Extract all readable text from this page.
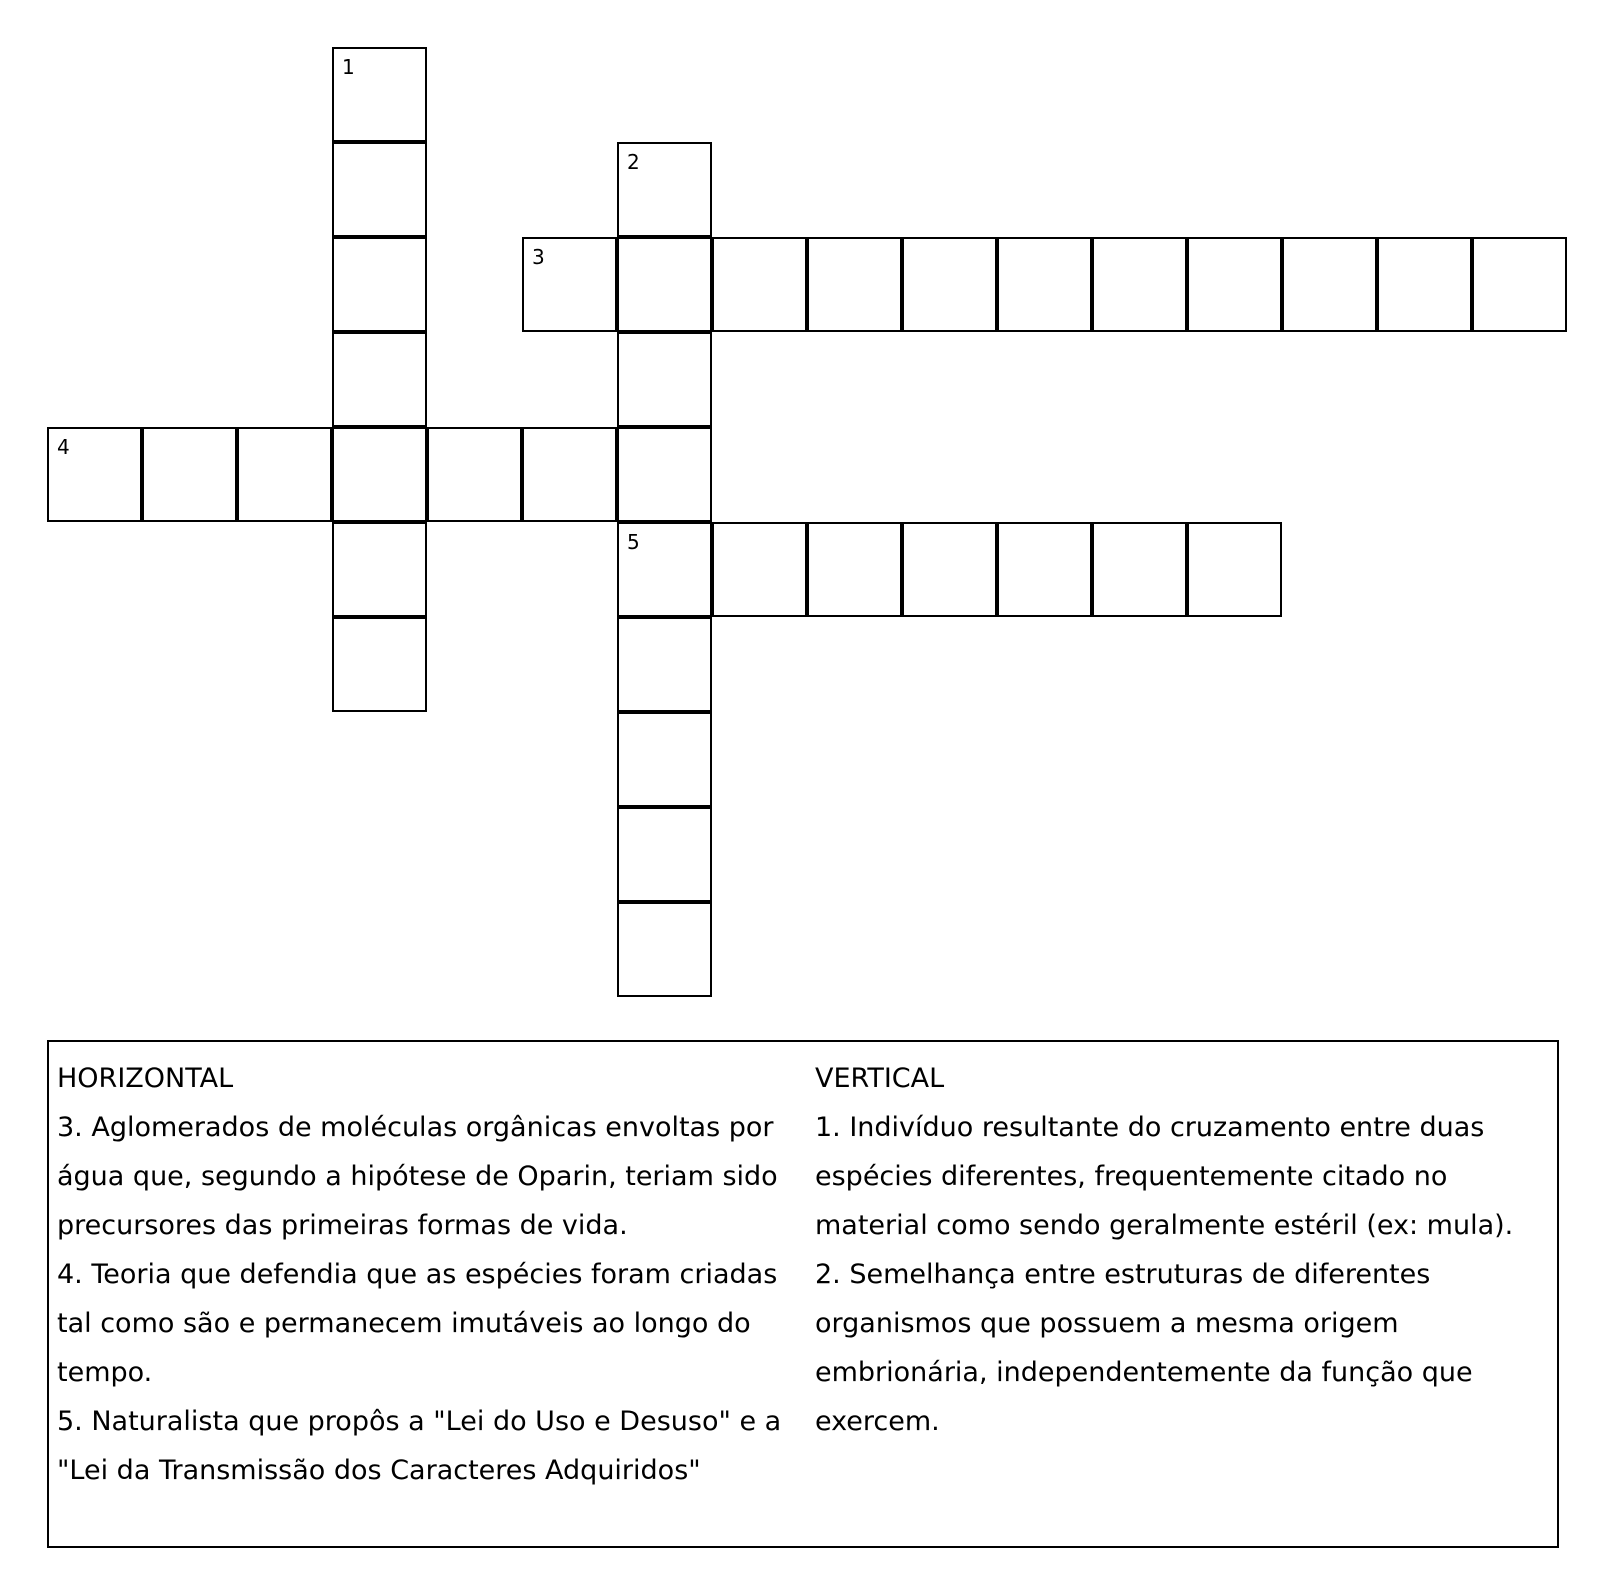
1
2
5
3
4

HORIZONTAL

3. Aglomerados de moléculas orgânicas envoltas por água que, segundo a hipótese de Oparin, teriam sido precursores das primeiras formas de vida.

4. Teoria que defendia que as espécies foram criadas tal como são e permanecem imutáveis ao longo do tempo.

5. Naturalista que propôs a "Lei do Uso e Desuso" e a "Lei da Transmissão dos Caracteres Adquiridos"

VERTICAL

1. Indivíduo resultante do cruzamento entre duas espécies diferentes, frequentemente citado no material como sendo geralmente estéril (ex: mula).

2. Semelhança entre estruturas de diferentes organismos que possuem a mesma origem embrionária, independentemente da função que exercem.
